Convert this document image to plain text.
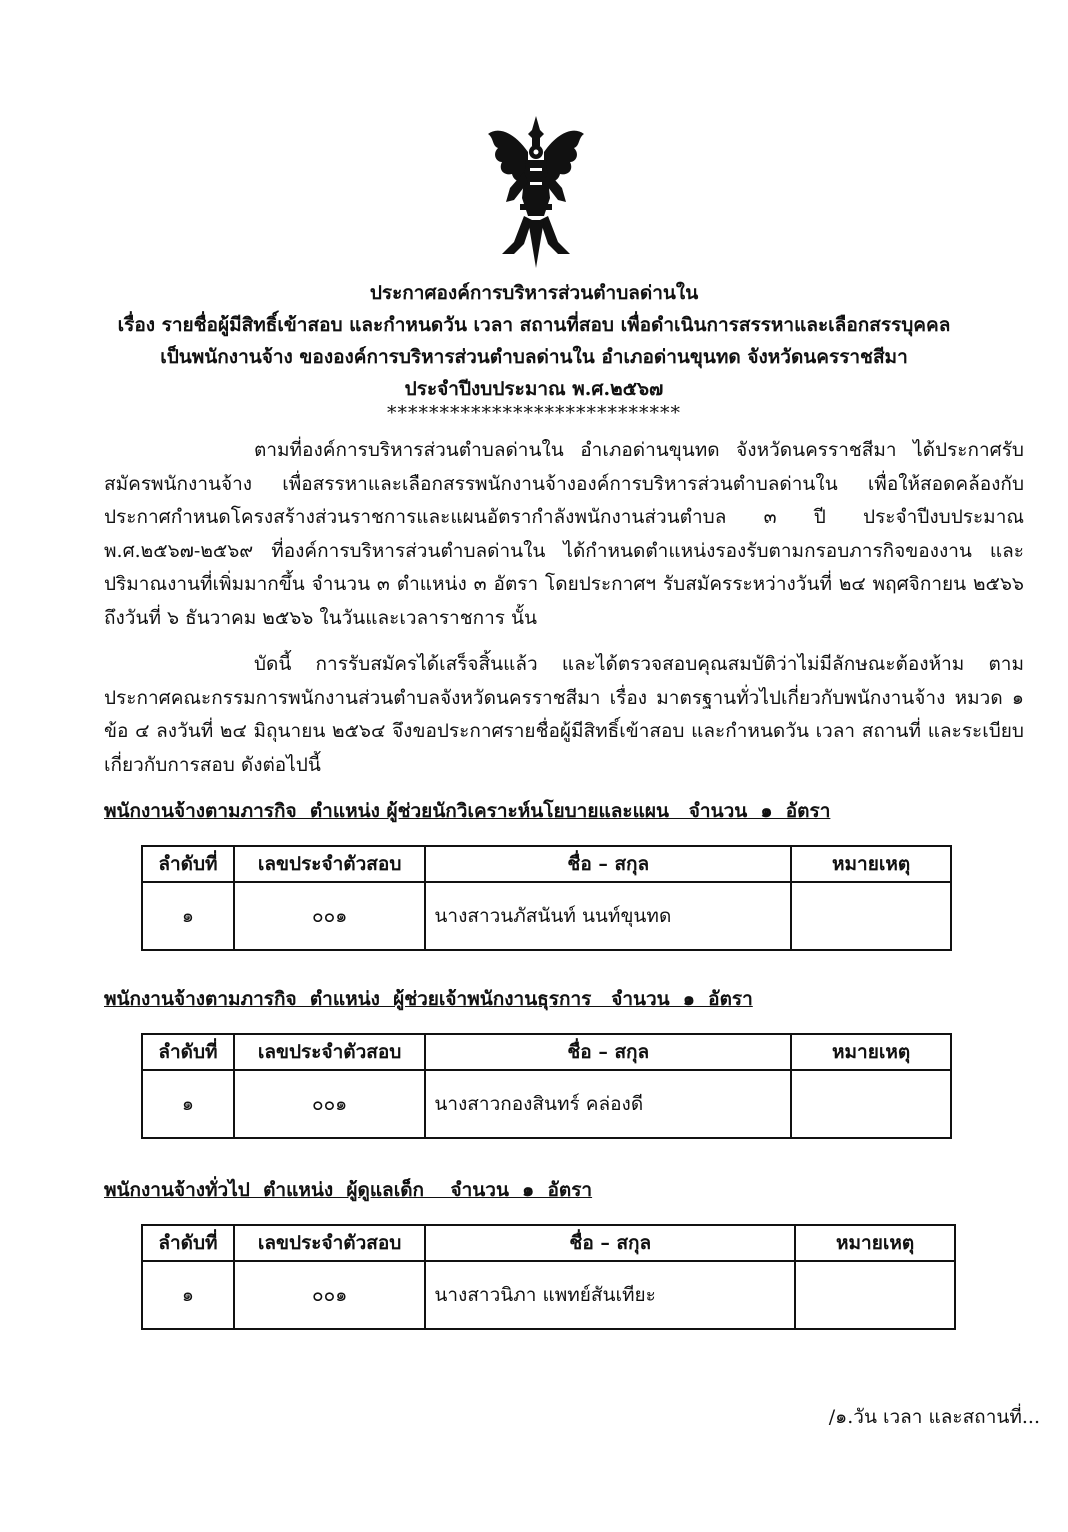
ประกาศองค์การบริหารส่วนตำบลด่านใน
เรื่อง รายชื่อผู้มีสิทธิ์เข้าสอบ และกำหนดวัน เวลา สถานที่สอบ เพื่อดำเนินการสรรหาและเลือกสรรบุคคล
เป็นพนักงานจ้าง ขององค์การบริหารส่วนตำบลด่านใน อำเภอด่านขุนทด จังหวัดนครราชสีมา
ประจำปีงบประมาณ พ.ศ.๒๕๖๗
****************************
ตามที่องค์การบริหารส่วนตำบลด่านใน อำเภอด่านขุนทด จังหวัดนครราชสีมา ได้ประกาศรับสมัครพนักงานจ้าง เพื่อสรรหาและเลือกสรรพนักงานจ้างองค์การบริหารส่วนตำบลด่านใน เพื่อให้สอดคล้องกับประกาศกำหนดโครงสร้างส่วนราชการและแผนอัตรากำลังพนักงานส่วนตำบล ๓ ปี ประจำปีงบประมาณ พ.ศ.๒๕๖๗-๒๕๖๙ ที่องค์การบริหารส่วนตำบลด่านใน ได้กำหนดตำแหน่งรองรับตามกรอบภารกิจของงาน และปริมาณงานที่เพิ่มมากขึ้น จำนวน ๓ ตำแหน่ง ๓ อัตรา โดยประกาศฯ รับสมัครระหว่างวันที่ ๒๔ พฤศจิกายน ๒๕๖๖ ถึงวันที่ ๖ ธันวาคม ๒๕๖๖ ในวันและเวลาราชการ นั้น
บัดนี้ การรับสมัครได้เสร็จสิ้นแล้ว และได้ตรวจสอบคุณสมบัติว่าไม่มีลักษณะต้องห้าม ตามประกาศคณะกรรมการพนักงานส่วนตำบลจังหวัดนครราชสีมา เรื่อง มาตรฐานทั่วไปเกี่ยวกับพนักงานจ้าง หมวด ๑ ข้อ ๔ ลงวันที่ ๒๔ มิถุนายน ๒๕๖๔ จึงขอประกาศรายชื่อผู้มีสิทธิ์เข้าสอบ และกำหนดวัน เวลา สถานที่ และระเบียบเกี่ยวกับการสอบ ดังต่อไปนี้
พนักงานจ้างตามภารกิจ  ตำแหน่ง ผู้ช่วยนักวิเคราะห์นโยบายและแผน   จำนวน  ๑  อัตรา
ลำดับที่	เลขประจำตัวสอบ	ชื่อ – สกุล	หมายเหตุ
๑	๐๐๑	นางสาวนภัสนันท์ นนท์ขุนทด	
พนักงานจ้างตามภารกิจ  ตำแหน่ง  ผู้ช่วยเจ้าพนักงานธุรการ   จำนวน  ๑  อัตรา
ลำดับที่	เลขประจำตัวสอบ	ชื่อ – สกุล	หมายเหตุ
๑	๐๐๑	นางสาวกองสินทร์ คล่องดี	
พนักงานจ้างทั่วไป  ตำแหน่ง  ผู้ดูแลเด็ก    จำนวน  ๑  อัตรา
ลำดับที่	เลขประจำตัวสอบ	ชื่อ – สกุล	หมายเหตุ
๑	๐๐๑	นางสาวนิภา แพทย์สันเทียะ	
/๑.วัน เวลา และสถานที่...
